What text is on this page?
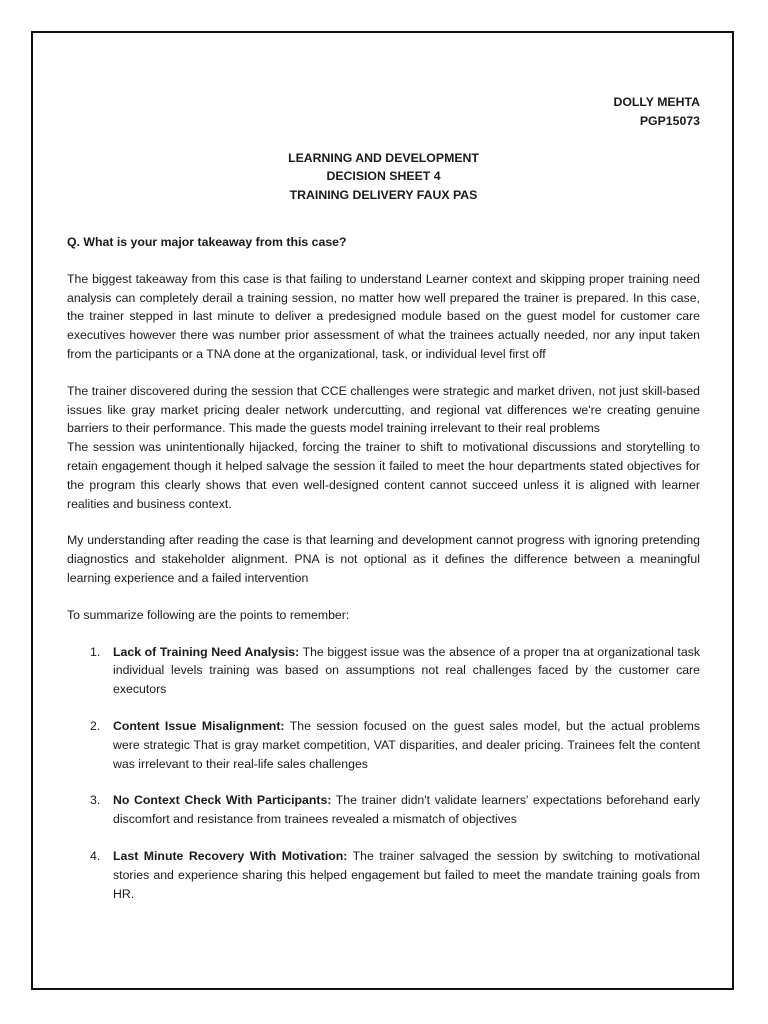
DOLLY MEHTA
PGP15073
LEARNING AND DEVELOPMENT
DECISION SHEET 4
TRAINING DELIVERY FAUX PAS
Q. What is your major takeaway from this case?
The biggest takeaway from this case is that failing to understand Learner context and skipping proper training need analysis can completely derail a training session, no matter how well prepared the trainer is prepared. In this case, the trainer stepped in last minute to deliver a predesigned module based on the guest model for customer care executives however there was number prior assessment of what the trainees actually needed, nor any input taken from the participants or a TNA done at the organizational, task, or individual level first off
The trainer discovered during the session that CCE challenges were strategic and market driven, not just skill-based issues like gray market pricing dealer network undercutting, and regional vat differences we're creating genuine barriers to their performance. This made the guests model training irrelevant to their real problems
The session was unintentionally hijacked, forcing the trainer to shift to motivational discussions and storytelling to retain engagement though it helped salvage the session it failed to meet the hour departments stated objectives for the program this clearly shows that even well-designed content cannot succeed unless it is aligned with learner realities and business context.
My understanding after reading the case is that learning and development cannot progress with ignoring pretending diagnostics and stakeholder alignment. PNA is not optional as it defines the difference between a meaningful learning experience and a failed intervention
To summarize following are the points to remember:
1. Lack of Training Need Analysis: The biggest issue was the absence of a proper tna at organizational task individual levels training was based on assumptions not real challenges faced by the customer care executors
2. Content Issue Misalignment: The session focused on the guest sales model, but the actual problems were strategic That is gray market competition, VAT disparities, and dealer pricing. Trainees felt the content was irrelevant to their real-life sales challenges
3. No Context Check With Participants: The trainer didn't validate learners' expectations beforehand early discomfort and resistance from trainees revealed a mismatch of objectives
4. Last Minute Recovery With Motivation: The trainer salvaged the session by switching to motivational stories and experience sharing this helped engagement but failed to meet the mandate training goals from HR.
